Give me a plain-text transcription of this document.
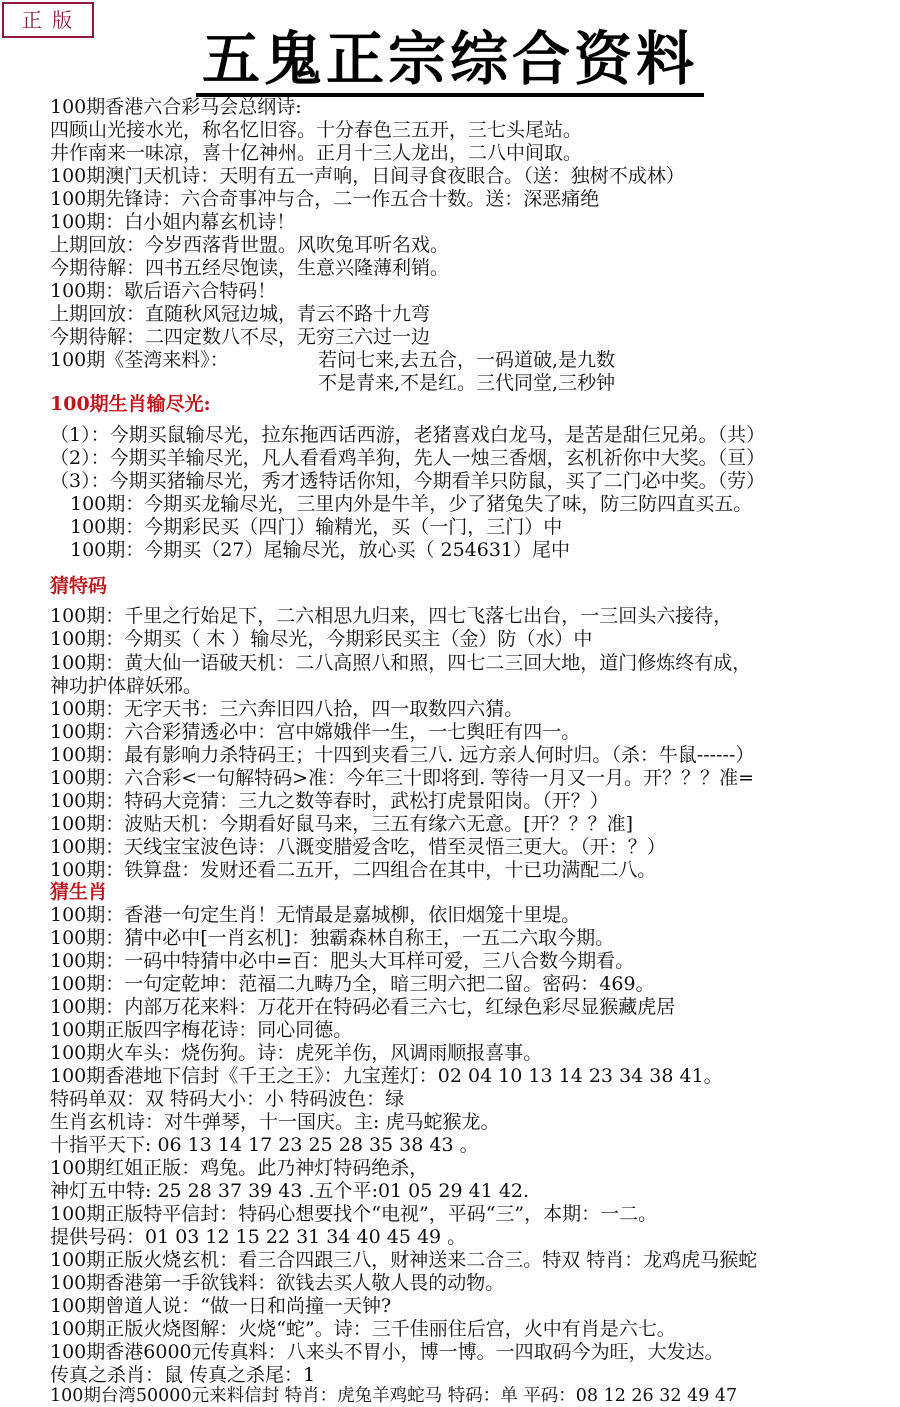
正 版
五鬼正宗综合资料
100期香港六合彩马会总纲诗:
四顾山光接水光，称名忆旧容。十分春色三五开，三七头尾站。
井作南来一味凉，喜十亿神州。正月十三人龙出，二八中间取。
100期澳门天机诗：天明有五一声响，日间寻食夜眼合。（送：独树不成林）
100期先锋诗：六合奇事冲与合，二一作五合十数。送：深恶痛绝
100期：白小姐内幕玄机诗！
上期回放：今岁西落背世盟。风吹兔耳听名戏。
今期待解：四书五经尽饱读，生意兴隆薄利销。
100期：歇后语六合特码！
上期回放：直随秋风冠边城，青云不路十九弯
今期待解：二四定数八不尽，无穷三六过一边
100期《荃湾来料》：	若问七来,去五合，一码道破,是九数
不是青来,不是红。三代同堂,三秒钟
100期生肖输尽光:
（1）：今期买鼠输尽光，拉东拖西话西游，老猪喜戏白龙马，是苦是甜仨兄弟。（共）
（2）：今期买羊输尽光，凡人看看鸡羊狗，先人一烛三香烟，玄机祈你中大奖。（亘）
（3）：今期买猪输尽光，秀才透特话你知，今期看羊只防鼠，买了二门必中奖。（劳）
100期：今期买龙输尽光，三里内外是牛羊，少了猪兔失了味，防三防四直买五。
100期：今期彩民买（四门）输精光，买（一门，三门）中
100期：今期买（27）尾输尽光，放心买（ 254631）尾中
猜特码
100期：千里之行始足下，二六相思九归来，四七飞落七出台，一三回头六接待，
100期：今期买（ 木 ）输尽光，今期彩民买主（金）防（水）中
100期：黄大仙一语破天机：二八高照八和照，四七二三回大地，道门修炼终有成，
神功护体辟妖邪。
100期：无字天书：三六奔旧四八拾，四一取数四六猜。
100期：六合彩猜透必中：宫中嫦娥伴一生，一七舆旺有四一。
100期：最有影响力杀特码王；十四到夹看三八. 远方亲人何时归。（杀：牛鼠------）
100期：六合彩<一句解特码>准：今年三十即将到. 等待一月又一月。开？？？准=
100期：特码大竞猜：三九之数等春时，武松打虎景阳岗。（开？）
100期：波贴天机：今期看好鼠马来，三五有缘六无意。[开？？？准]
100期：天线宝宝波色诗：八溉变腊爱含吃，惜至灵悟三更大。（开：？）
100期：铁算盘：发财还看二五开，二四组合在其中，十已功满配二八。
猜生肖
100期：香港一句定生肖！无情最是嘉城柳，依旧烟笼十里堤。
100期：猜中必中[一肖玄机]：独霸森林自称王，一五二六取今期。
100期：一码中特猜中必中=百：肥头大耳样可爱，三八合数今期看。
100期：一句定乾坤：范福二九畴乃全，暗三明六把二留。密码：469。
100期：内部万花来料：万花开在特码必看三六七，红绿色彩尽显猴藏虎居
100期正版四字梅花诗：同心同德。
100期火车头：烧伤狗。诗：虎死羊伤，风调雨顺报喜事。
100期香港地下信封《千王之王》：九宝莲灯：02 04 10 13 14 23 34 38 41。
特码单双：双 特码大小：小 特码波色：绿
生肖玄机诗：对牛弹琴，十一国庆。主: 虎马蛇猴龙。
十指平天下: 06 13 14 17 23 25 28 35 38 43 。
100期红姐正版：鸡兔。此乃神灯特码绝杀，
神灯五中特: 25 28 37 39 43 .五个平:01 05 29 41 42.
100期正版特平信封：特码心想要找个“电视”，平码“三”，本期：一二。
提供号码：01 03 12 15 22 31 34 40 45 49 。
100期正版火烧玄机：看三合四跟三八，财神送来二合三。特双 特肖：龙鸡虎马猴蛇
100期香港第一手欲钱料：欲钱去买人敬人畏的动物。
100期曾道人说：“做一日和尚撞一天钟?
100期正版火烧图解：火烧“蛇”。诗：三千佳丽住后宫，火中有肖是六七。
100期香港6000元传真料：八来头不胃小，博一博。一四取码今为旺，大发达。
传真之杀肖：鼠 传真之杀尾：1
100期台湾50000元来料信封 特肖：虎兔羊鸡蛇马 特码：单 平码：08 12 26 32 49 47
